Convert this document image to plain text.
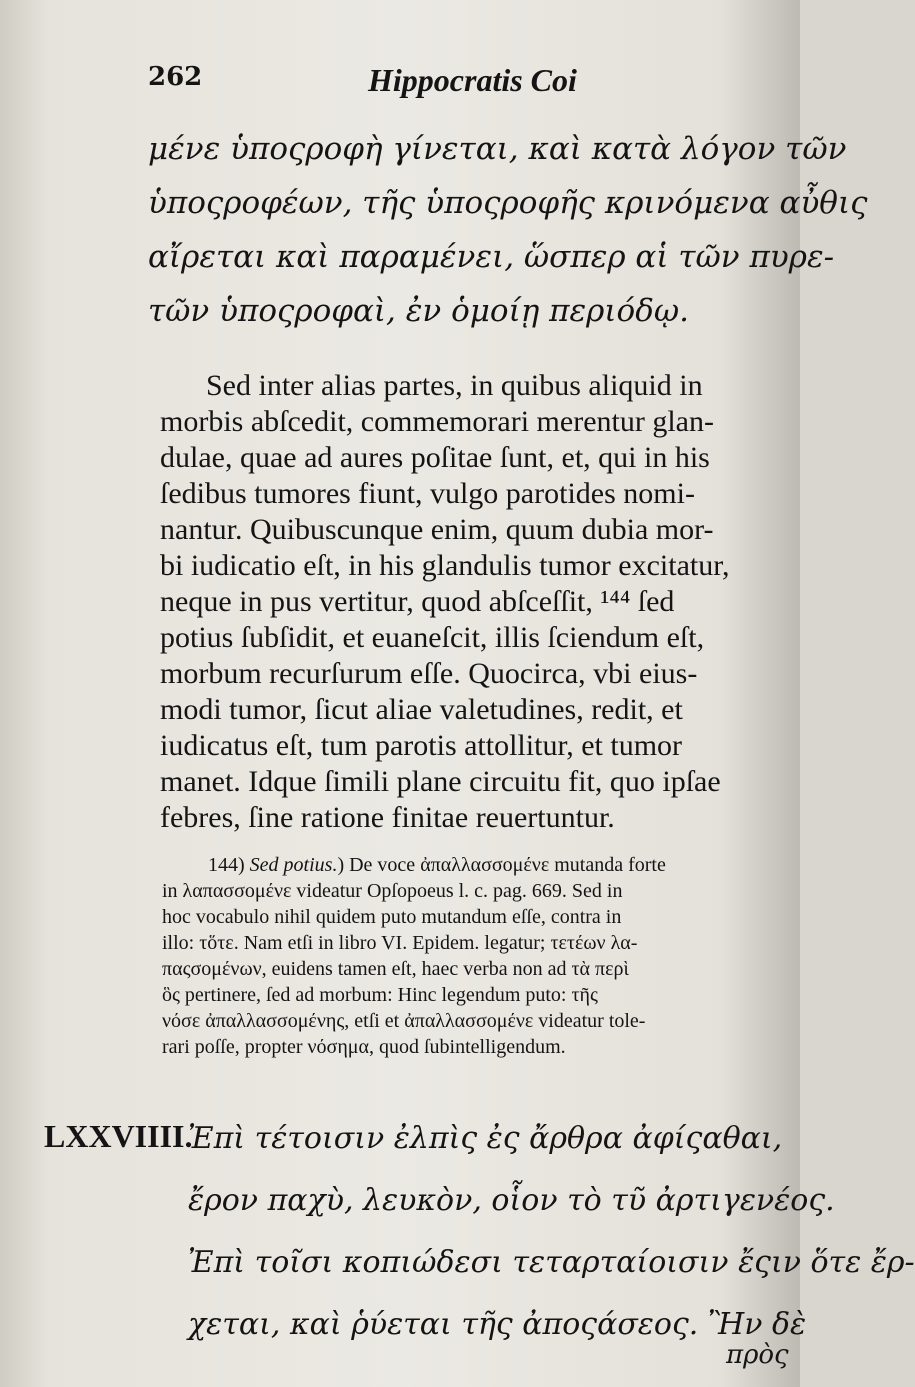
262	Hippocratis Coi

μένε ὑποςροφὴ γίνεται, καὶ κατὰ λόγον τῶν
ὑποςροφέων, τῆς ὑποςροφῆς κρινόμενα αὖθις
αἴρεται καὶ παραμένει, ὥσπερ αἱ τῶν πυρε-
τῶν ὑποςροφαὶ, ἐν ὁμοίῃ περιόδῳ.

Sed inter alias partes, in quibus aliquid in
morbis abſcedit, commemorari merentur glan-
dulae, quae ad aures poſitae ſunt, et, qui in his
ſedibus tumores fiunt, vulgo parotides nomi-
nantur. Quibuscunque enim, quum dubia mor-
bi iudicatio eſt, in his glandulis tumor excitatur,
neque in pus vertitur, quod abſceſſit, ¹⁴⁴ ſed
potius ſubſidit, et euaneſcit, illis ſciendum eſt,
morbum recurſurum eſſe. Quocirca, vbi eius-
modi tumor, ſicut aliae valetudines, redit, et
iudicatus eſt, tum parotis attollitur, et tumor
manet. Idque ſimili plane circuitu fit, quo ipſae
febres, ſine ratione finitae reuertuntur.

144) Sed potius.) De voce ἀπαλλασσομένε mutanda forte
in λαπασσομένε videatur Opſopoeus l. c. pag. 669. Sed in
hoc vocabulo nihil quidem puto mutandum eſſe, contra in
illo: τὅτε. Nam etſi in libro VI. Epidem. legatur; τετέων λα-
παςσομένων, euidens tamen eſt, haec verba non ad τὰ περὶ
ὃς pertinere, ſed ad morbum: Hinc legendum puto: τῆς
νόσε ἀπαλλασσομένης, etſi et ἀπαλλασσομένε videatur tole-
rari poſſe, propter νόσημα, quod ſubintelligendum.

LXXVIIII.

Ἐπὶ τέτοισιν ἐλπὶς ἐς ἄρθρα ἀφίςαθαι,
ἔρον παχὺ, λευκὸν, οἷον τὸ τῦ ἀρτιγενέος.
Ἐπὶ τοῖσι κοπιώδεσι τεταρταίοισιν ἔςιν ὅτε ἔρ-
χεται, καὶ ῥύεται τῆς ἀποςάσεος. Ἢν δὲ

πρὸς
